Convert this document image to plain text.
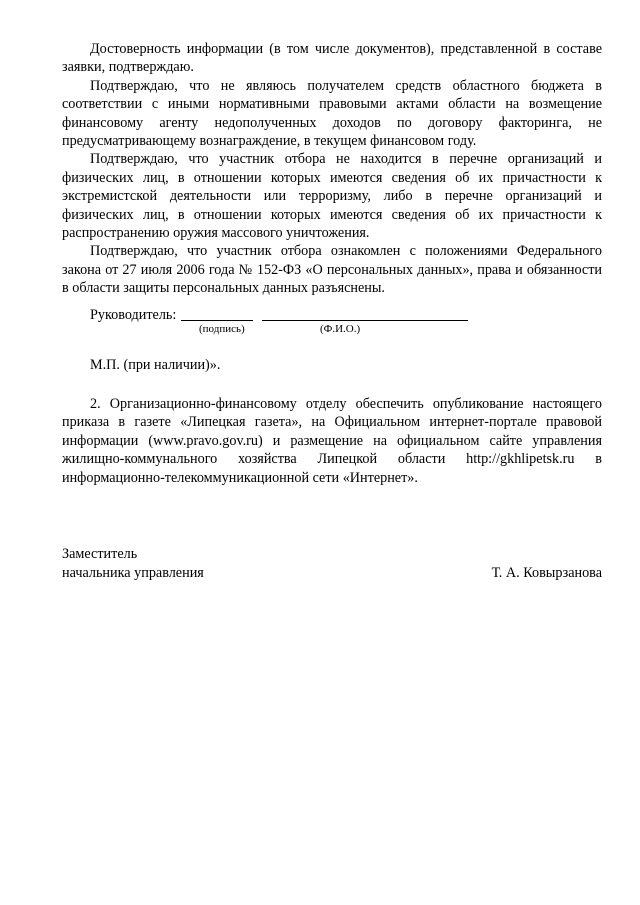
Достоверность информации (в том числе документов), представленной в составе заявки, подтверждаю.

Подтверждаю, что не являюсь получателем средств областного бюджета в соответствии с иными нормативными правовыми актами области на возмещение финансовому агенту недополученных доходов по договору факторинга, не предусматривающему вознаграждение, в текущем финансовом году.

Подтверждаю, что участник отбора не находится в перечне организаций и физических лиц, в отношении которых имеются сведения об их причастности к экстремистской деятельности или терроризму, либо в перечне организаций и физических лиц, в отношении которых имеются сведения об их причастности к распространению оружия массового уничтожения.

Подтверждаю, что участник отбора ознакомлен с положениями Федерального закона от 27 июля 2006 года № 152-ФЗ «О персональных данных», права и обязанности в области защиты персональных данных разъяснены.

Руководитель:
(подпись)	(Ф.И.О.)
М.П. (при наличии)».

2. Организационно-финансовому отделу обеспечить опубликование настоящего приказа в газете «Липецкая газета», на Официальном интернет-портале правовой информации (www.pravo.gov.ru) и размещение на официальном сайте управления жилищно-коммунального хозяйства Липецкой области http://gkhlipetsk.ru в информационно-телекоммуникационной сети «Интернет».

Заместитель
начальника управления	Т. А. Ковырзанова
